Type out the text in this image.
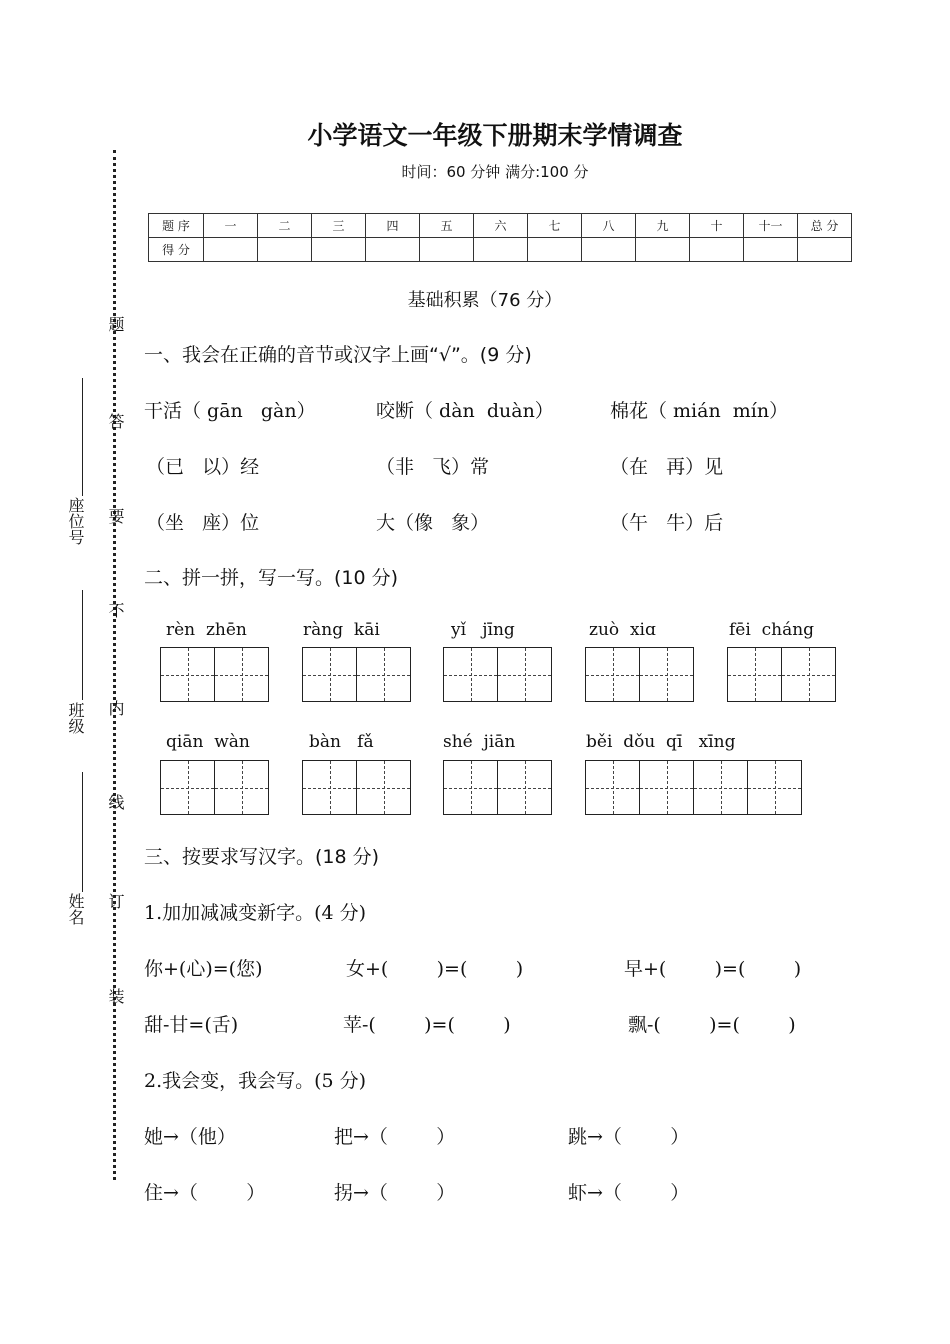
小学语文一年级下册期末学情调查
时间：60 分钟 满分:100 分
题 序	一	二	三	四	五	六	七	八	九	十	十一	总 分
得 分												
座位号
班级
姓名
题
答
要
不
内
线
订
装
基础积累（76 分）
一、我会在正确的音节或汉字上画“√”。(9 分)
干活（ gān   gàn）	咬断（ dàn  duàn）	棉花（ mián  mín）
（已   以）经	（非   飞）常	（在   再）见
（坐   座）位	大（像   象）	（午   牛）后
二、拼一拼，写一写。(10 分)
rèn  zhēn	ràng  kāi	yǐ   jīng	zuò  xiɑ	fēi  cháng
qiān  wàn	bàn   fǎ	shé  jiān	běi  dǒu  qī   xīng
三、按要求写汉字。(18 分)
1.加加减减变新字。(4 分)
你+(心)=(您)	女+(        )=(        )	早+(        )=(        )
甜-甘=(舌)	苹-(        )=(        )	飘-(        )=(        )
2.我会变，我会写。(5 分)
她→（他）	把→（        ）	跳→（        ）
住→（        ）	拐→（        ）	虾→（        ）
